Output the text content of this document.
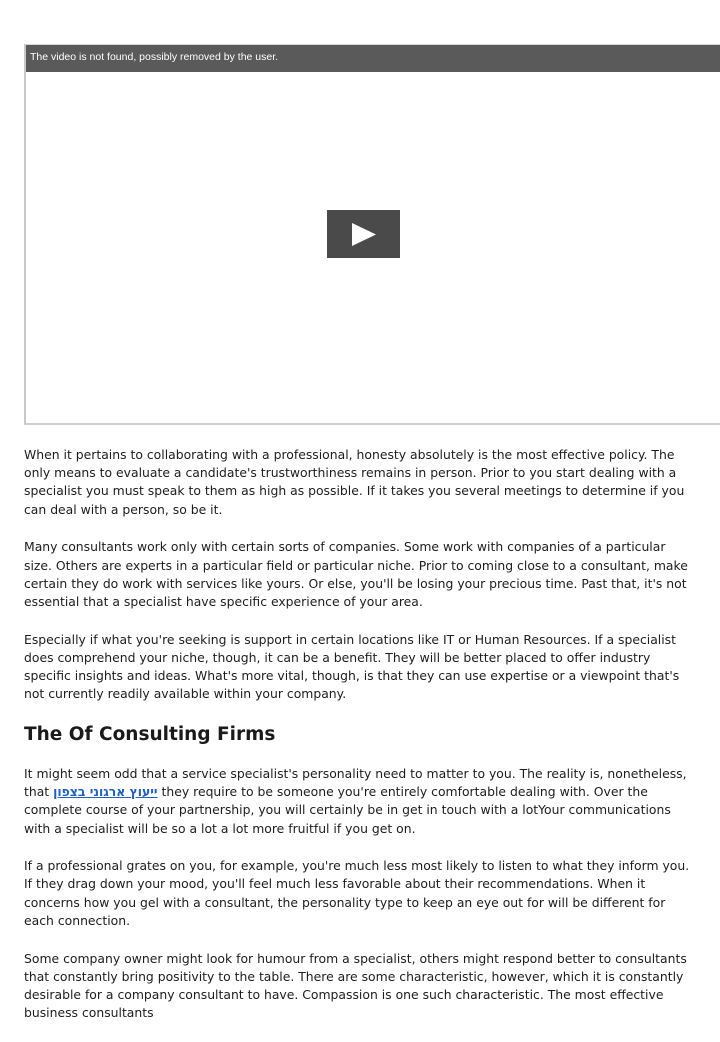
The video is not found, possibly removed by the user.

When it pertains to collaborating with a professional, honesty absolutely is the most effective policy. The only means to evaluate a candidate's trustworthiness remains in person. Prior to you start dealing with a specialist you must speak to them as high as possible. If it takes you several meetings to determine if you can deal with a person, so be it.

Many consultants work only with certain sorts of companies. Some work with companies of a particular size. Others are experts in a particular field or particular niche. Prior to coming close to a consultant, make certain they do work with services like yours. Or else, you'll be losing your precious time. Past that, it's not essential that a specialist have specific experience of your area.

Especially if what you're seeking is support in certain locations like IT or Human Resources. If a specialist does comprehend your niche, though, it can be a benefit. They will be better placed to offer industry specific insights and ideas. What's more vital, though, is that they can use expertise or a viewpoint that's not currently readily available within your company.

The Of Consulting Firms

It might seem odd that a service specialist's personality need to matter to you. The reality is, nonetheless, that ייעוץ ארגוני בצפון they require to be someone you're entirely comfortable dealing with. Over the complete course of your partnership, you will certainly be in get in touch with a lotYour communications with a specialist will be so a lot a lot more fruitful if you get on.

If a professional grates on you, for example, you're much less most likely to listen to what they inform you. If they drag down your mood, you'll feel much less favorable about their recommendations. When it concerns how you gel with a consultant, the personality type to keep an eye out for will be different for each connection.

Some company owner might look for humour from a specialist, others might respond better to consultants that constantly bring positivity to the table. There are some characteristic, however, which it is constantly desirable for a company consultant to have. Compassion is one such characteristic. The most effective business consultants
